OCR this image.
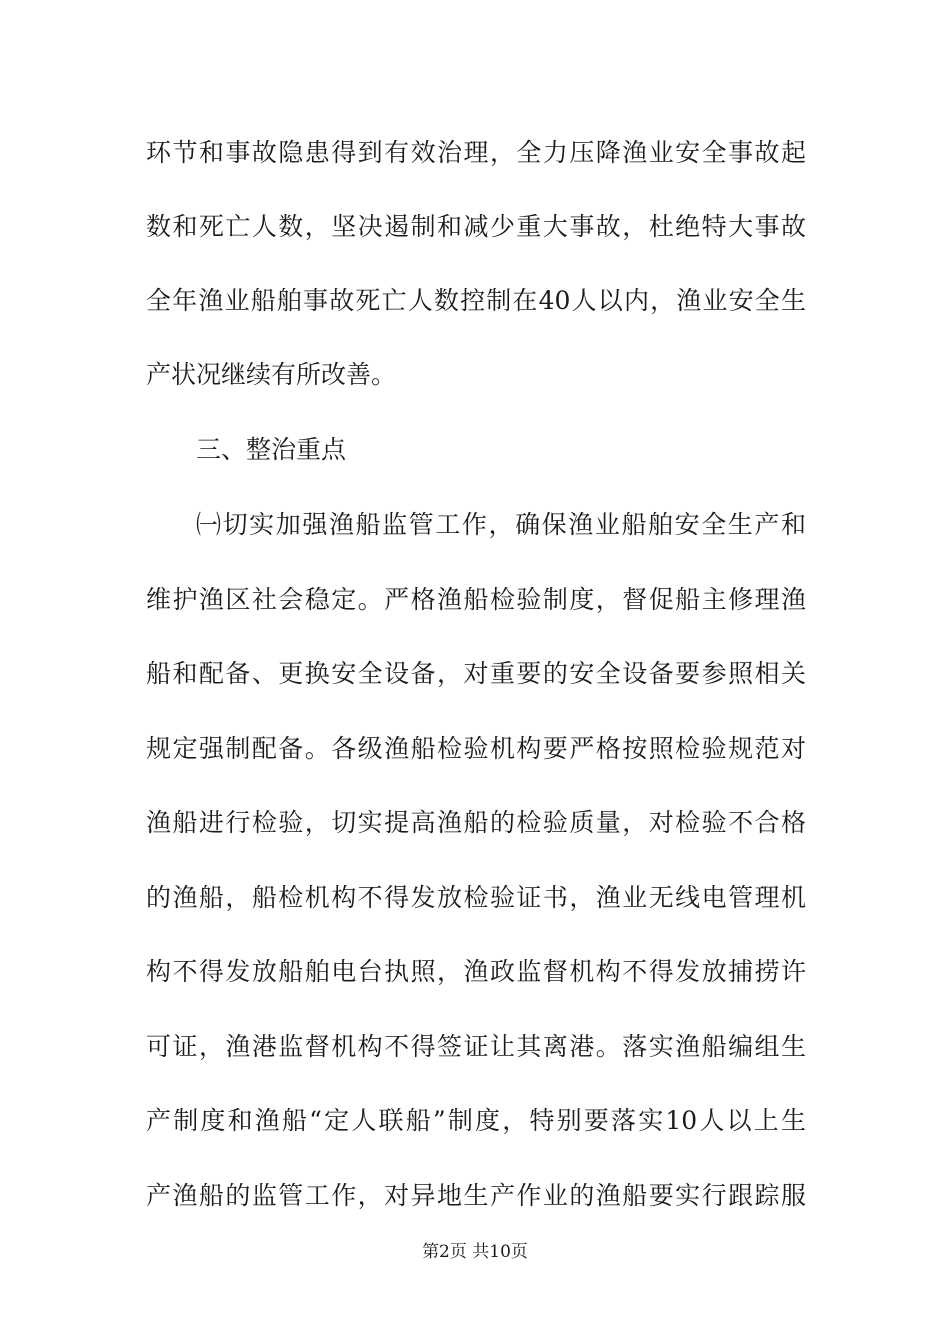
环节和事故隐患得到有效治理，全力压降渔业安全事故起
数和死亡人数，坚决遏制和减少重大事故，杜绝特大事故
全年渔业船舶事故死亡人数控制在40人以内，渔业安全生
产状况继续有所改善。
三、整治重点
㈠切实加强渔船监管工作，确保渔业船舶安全生产和
维护渔区社会稳定。严格渔船检验制度，督促船主修理渔
船和配备、更换安全设备，对重要的安全设备要参照相关
规定强制配备。各级渔船检验机构要严格按照检验规范对
渔船进行检验，切实提高渔船的检验质量，对检验不合格
的渔船，船检机构不得发放检验证书，渔业无线电管理机
构不得发放船舶电台执照，渔政监督机构不得发放捕捞许
可证，渔港监督机构不得签证让其离港。落实渔船编组生
产制度和渔船“定人联船”制度，特别要落实10人以上生
产渔船的监管工作，对异地生产作业的渔船要实行跟踪服
第2页 共10页
